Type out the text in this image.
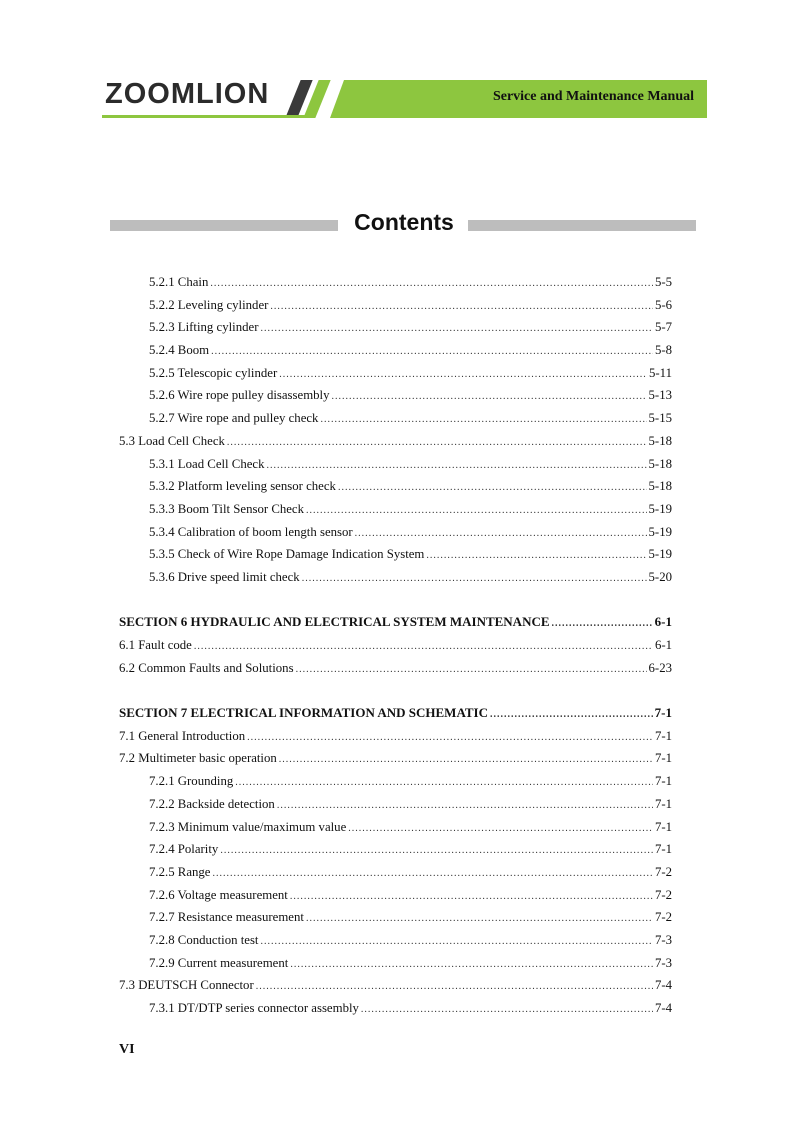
ZOOMLION	Service and Maintenance Manual
Contents
5.2.1 Chain .....	5-5
5.2.2 Leveling cylinder .....	5-6
5.2.3 Lifting cylinder .....	5-7
5.2.4 Boom .....	5-8
5.2.5 Telescopic cylinder .....	5-11
5.2.6 Wire rope pulley disassembly .....	5-13
5.2.7 Wire rope and pulley check .....	5-15
5.3 Load Cell Check .....	5-18
5.3.1 Load Cell Check .....	5-18
5.3.2 Platform leveling sensor check .....	5-18
5.3.3 Boom Tilt Sensor Check .....	5-19
5.3.4 Calibration of boom length sensor .....	5-19
5.3.5 Check of Wire Rope Damage Indication System .....	5-19
5.3.6 Drive speed limit check .....	5-20
SECTION 6 HYDRAULIC AND ELECTRICAL SYSTEM MAINTENANCE .....	6-1
6.1 Fault code .....	6-1
6.2 Common Faults and Solutions .....	6-23
SECTION 7 ELECTRICAL INFORMATION AND SCHEMATIC .....	7-1
7.1 General Introduction .....	7-1
7.2 Multimeter basic operation .....	7-1
7.2.1 Grounding .....	7-1
7.2.2 Backside detection .....	7-1
7.2.3 Minimum value/maximum value .....	7-1
7.2.4 Polarity .....	7-1
7.2.5 Range .....	7-2
7.2.6 Voltage measurement .....	7-2
7.2.7 Resistance measurement .....	7-2
7.2.8 Conduction test .....	7-3
7.2.9 Current measurement .....	7-3
7.3 DEUTSCH Connector .....	7-4
7.3.1 DT/DTP series connector assembly .....	7-4
VI
